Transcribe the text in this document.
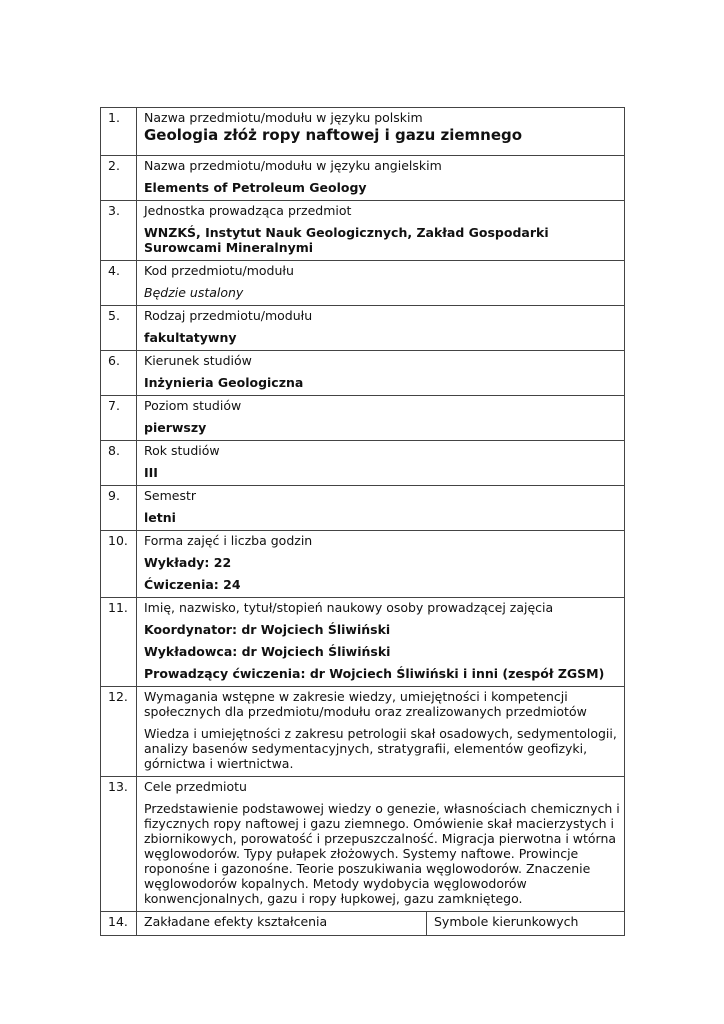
1.	Nazwa przedmiotu/modułu w języku polskim

Geologia złóż ropy naftowej i gazu ziemnego	

2.	Nazwa przedmiotu/modułu w języku angielskim

Elements of Petroleum Geology	

3.	Jednostka prowadząca przedmiot

WNZKŚ, Instytut Nauk Geologicznych, Zakład Gospodarki Surowcami Mineralnymi	

4.	Kod przedmiotu/modułu

Będzie ustalony	

5.	Rodzaj przedmiotu/modułu

fakultatywny	

6.	Kierunek studiów

Inżynieria Geologiczna	

7.	Poziom studiów

pierwszy	

8.	Rok studiów

III	

9.	Semestr

letni	

10.	Forma zajęć i liczba godzin

Wykłady: 22

Ćwiczenia: 24	

11.	Imię, nazwisko, tytuł/stopień naukowy osoby prowadzącej zajęcia

Koordynator: dr Wojciech Śliwiński

Wykładowca: dr Wojciech Śliwiński

Prowadzący ćwiczenia: dr Wojciech Śliwiński i inni (zespół ZGSM)	

12.	Wymagania wstępne w zakresie wiedzy, umiejętności i kompetencji społecznych dla przedmiotu/modułu oraz zrealizowanych przedmiotów

Wiedza i umiejętności z zakresu petrologii skał osadowych, sedymentologii, analizy basenów sedymentacyjnych, stratygrafii, elementów geofizyki, górnictwa i wiertnictwa.	

13.	Cele przedmiotu

Przedstawienie podstawowej wiedzy o genezie, własnościach chemicznych i fizycznych ropy naftowej i gazu ziemnego. Omówienie skał macierzystych i zbiornikowych, porowatość i przepuszczalność. Migracja pierwotna i wtórna węglowodorów. Typy pułapek złożowych. Systemy naftowe. Prowincje roponośne i gazonośne. Teorie poszukiwania węglowodorów. Znaczenie węglowodorów kopalnych. Metody wydobycia węglowodorów konwencjonalnych, gazu i ropy łupkowej, gazu zamkniętego.	

14.	Zakładane efekty kształcenia	Symbole kierunkowych
